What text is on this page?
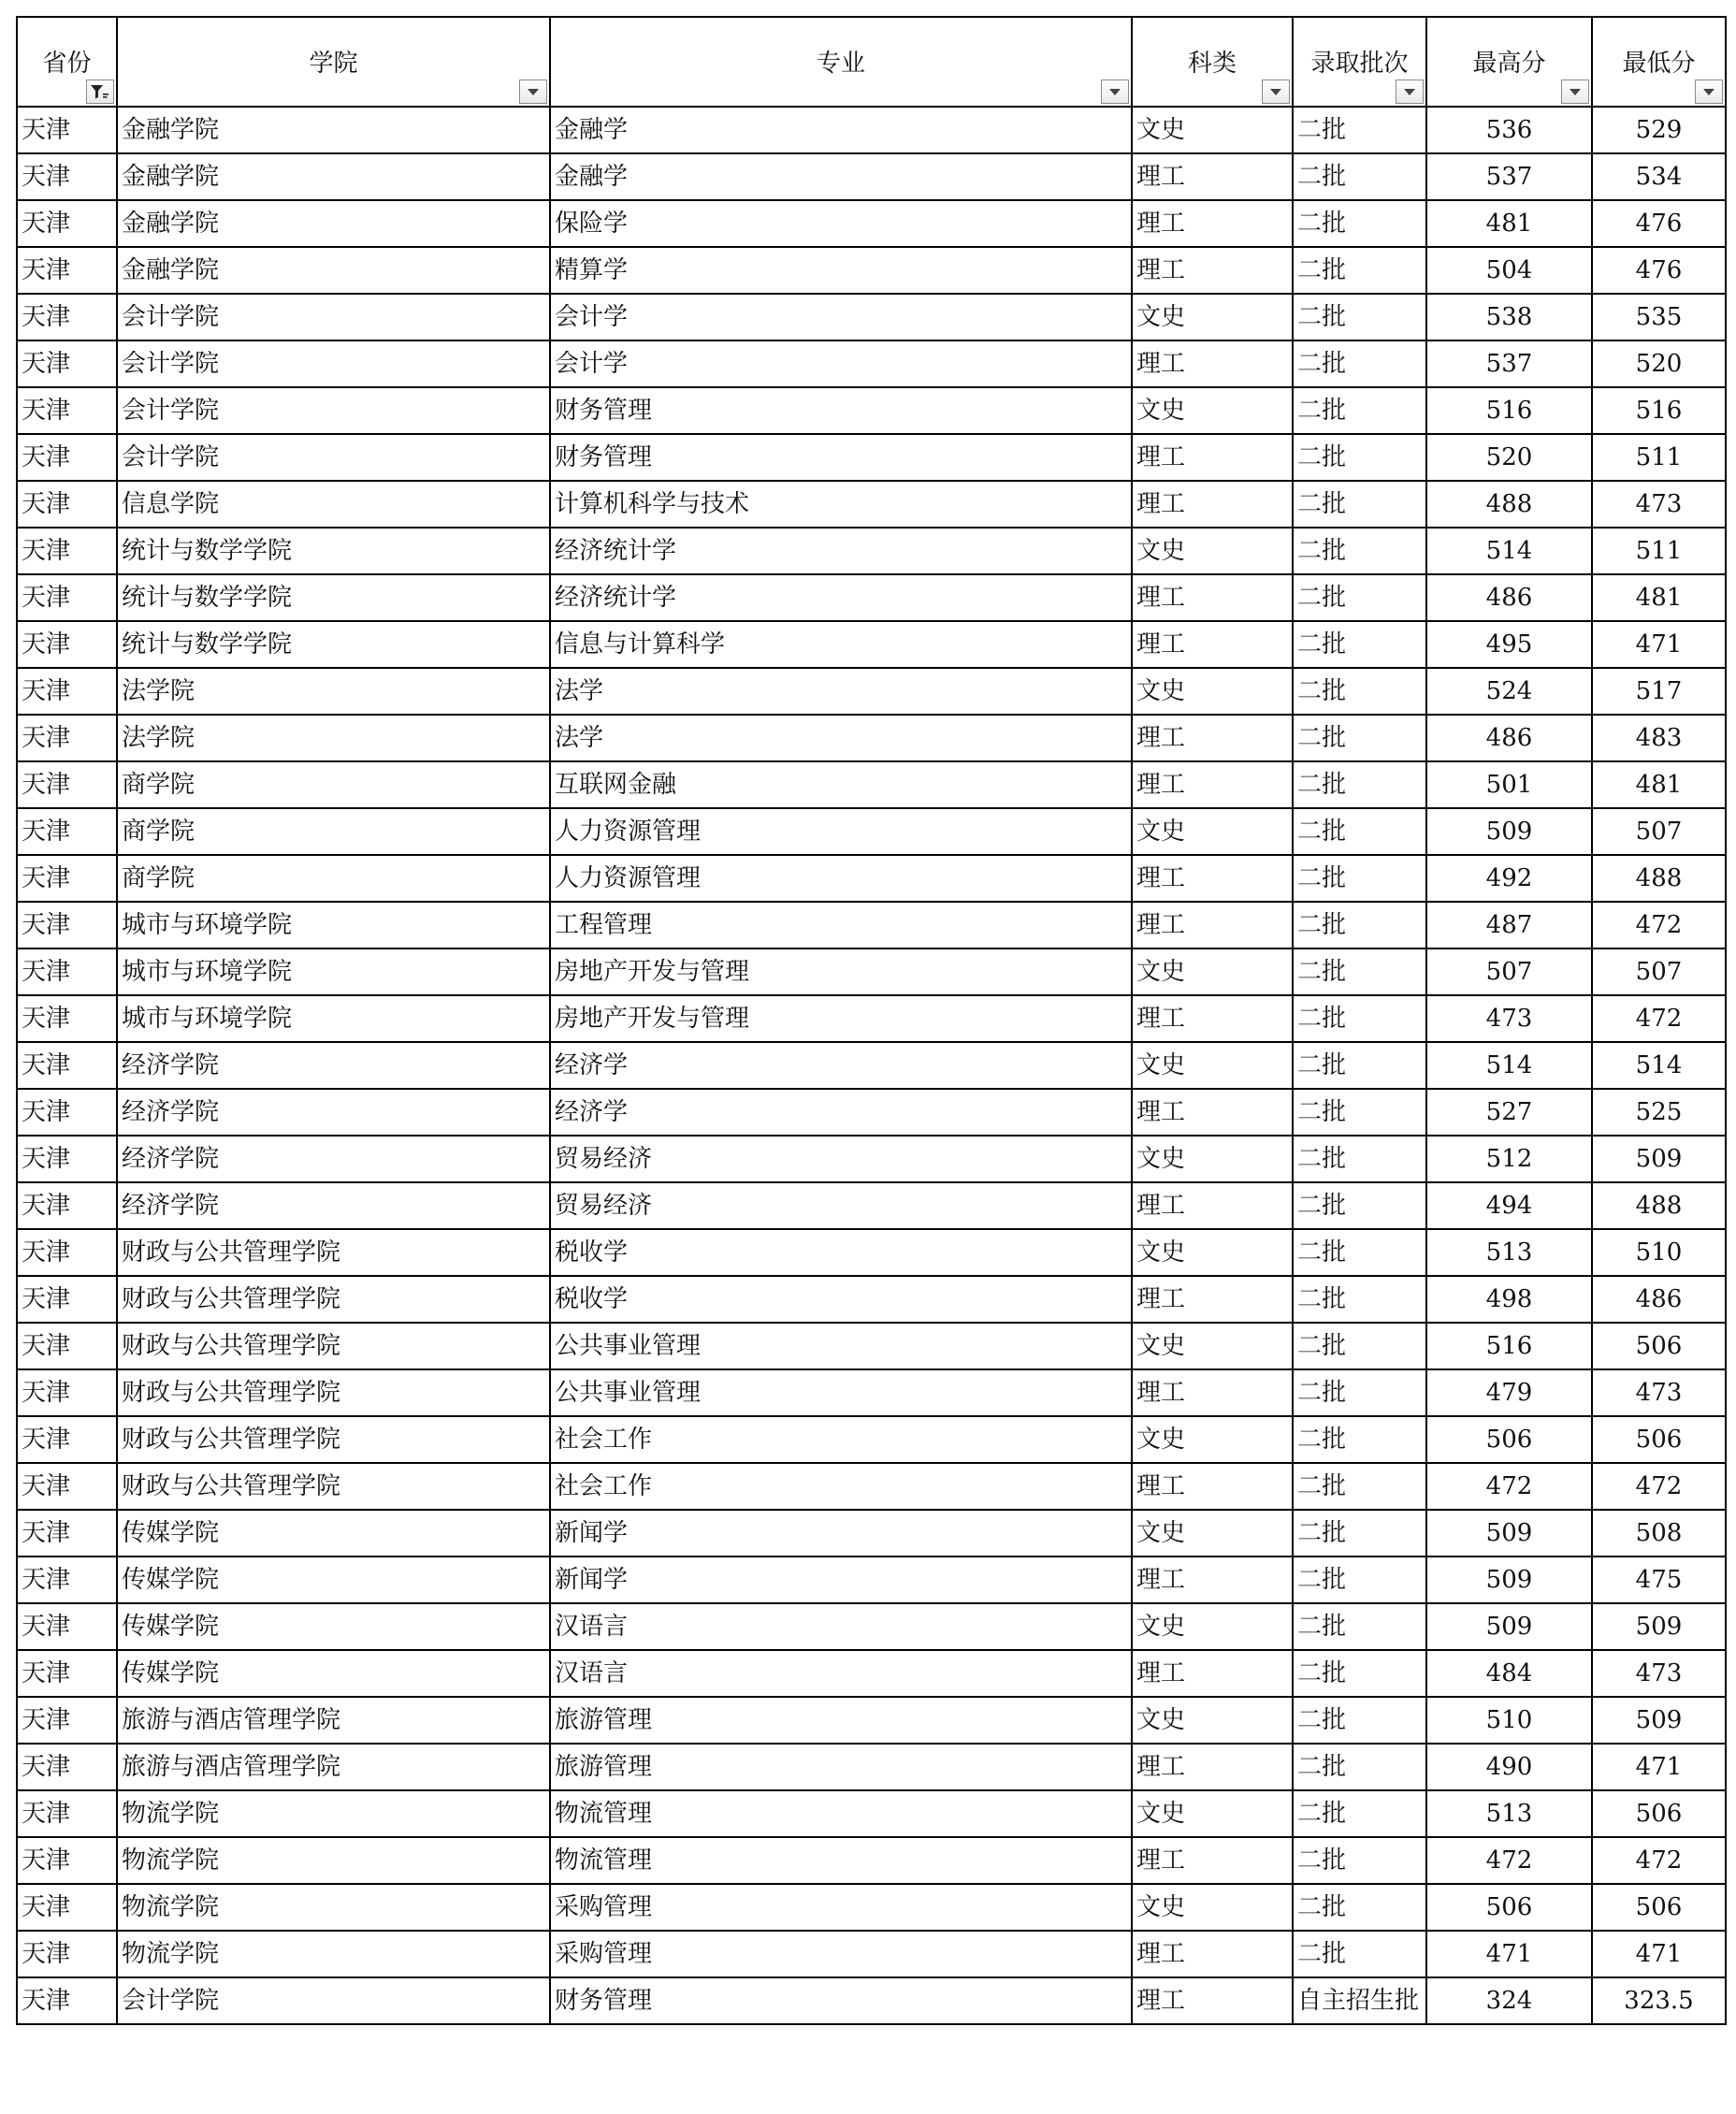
省份	学院	专业	科类	录取批次	最高分	最低分

天津	金融学院	金融学	文史	二批	536	529
天津	金融学院	金融学	理工	二批	537	534
天津	金融学院	保险学	理工	二批	481	476
天津	金融学院	精算学	理工	二批	504	476
天津	会计学院	会计学	文史	二批	538	535
天津	会计学院	会计学	理工	二批	537	520
天津	会计学院	财务管理	文史	二批	516	516
天津	会计学院	财务管理	理工	二批	520	511
天津	信息学院	计算机科学与技术	理工	二批	488	473
天津	统计与数学学院	经济统计学	文史	二批	514	511
天津	统计与数学学院	经济统计学	理工	二批	486	481
天津	统计与数学学院	信息与计算科学	理工	二批	495	471
天津	法学院	法学	文史	二批	524	517
天津	法学院	法学	理工	二批	486	483
天津	商学院	互联网金融	理工	二批	501	481
天津	商学院	人力资源管理	文史	二批	509	507
天津	商学院	人力资源管理	理工	二批	492	488
天津	城市与环境学院	工程管理	理工	二批	487	472
天津	城市与环境学院	房地产开发与管理	文史	二批	507	507
天津	城市与环境学院	房地产开发与管理	理工	二批	473	472
天津	经济学院	经济学	文史	二批	514	514
天津	经济学院	经济学	理工	二批	527	525
天津	经济学院	贸易经济	文史	二批	512	509
天津	经济学院	贸易经济	理工	二批	494	488
天津	财政与公共管理学院	税收学	文史	二批	513	510
天津	财政与公共管理学院	税收学	理工	二批	498	486
天津	财政与公共管理学院	公共事业管理	文史	二批	516	506
天津	财政与公共管理学院	公共事业管理	理工	二批	479	473
天津	财政与公共管理学院	社会工作	文史	二批	506	506
天津	财政与公共管理学院	社会工作	理工	二批	472	472
天津	传媒学院	新闻学	文史	二批	509	508
天津	传媒学院	新闻学	理工	二批	509	475
天津	传媒学院	汉语言	文史	二批	509	509
天津	传媒学院	汉语言	理工	二批	484	473
天津	旅游与酒店管理学院	旅游管理	文史	二批	510	509
天津	旅游与酒店管理学院	旅游管理	理工	二批	490	471
天津	物流学院	物流管理	文史	二批	513	506
天津	物流学院	物流管理	理工	二批	472	472
天津	物流学院	采购管理	文史	二批	506	506
天津	物流学院	采购管理	理工	二批	471	471
天津	会计学院	财务管理	理工	自主招生批	324	323.5
